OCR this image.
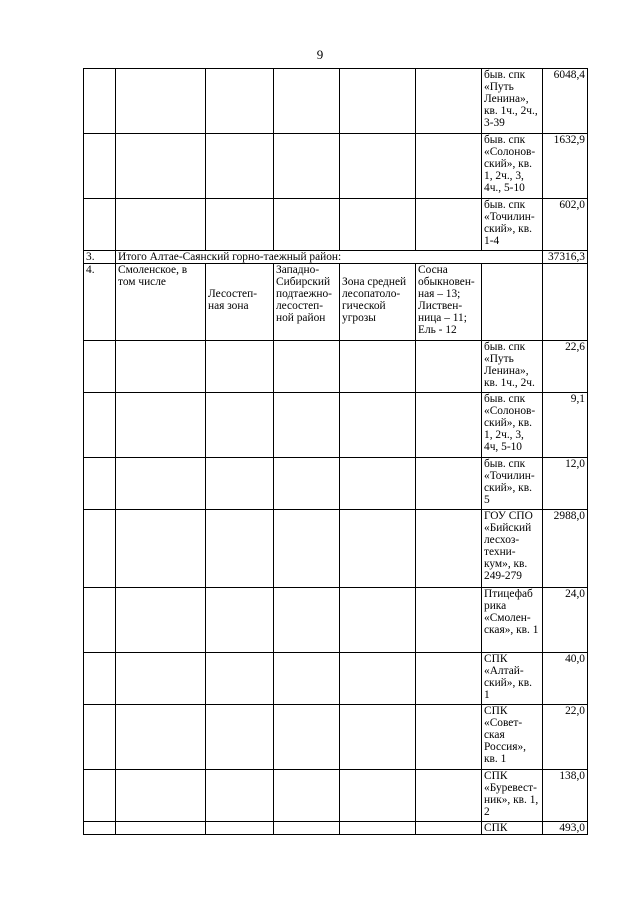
9
						быв. спк «Путь Ленина», кв. 1ч., 2ч., 3-39	6048,4
						быв. спк «Солонов-ский», кв. 1, 2ч., 3, 4ч., 5-10	1632,9
						быв. спк «Точилин-ский», кв. 1-4	602,0
3.	Итого Алтае-Саянский горно-таежный район:						37316,3
4.	Смоленское, в том числе	Лесостеп-ная зона	Западно-Сибирский подтаежно-лесостеп-ной район	Зона средней лесопатоло-гической угрозы	Сосна обыкновен-ная – 13; Листвен-ница – 11; Ель - 12		
						быв. спк «Путь Ленина», кв. 1ч., 2ч.	22,6
						быв. спк «Солонов-ский», кв. 1, 2ч., 3, 4ч, 5-10	9,1
						быв. спк «Точилин-ский», кв. 5	12,0
						ГОУ СПО «Бийский лесхоз-техни-кум», кв. 249-279	2988,0
						Птицефаб рика «Смолен-ская», кв. 1	24,0
						СПК «Алтай-ский», кв. 1	40,0
						СПК «Совет-ская Россия», кв. 1	22,0
						СПК «Буревест-ник», кв. 1, 2	138,0
						СПК	493,0
